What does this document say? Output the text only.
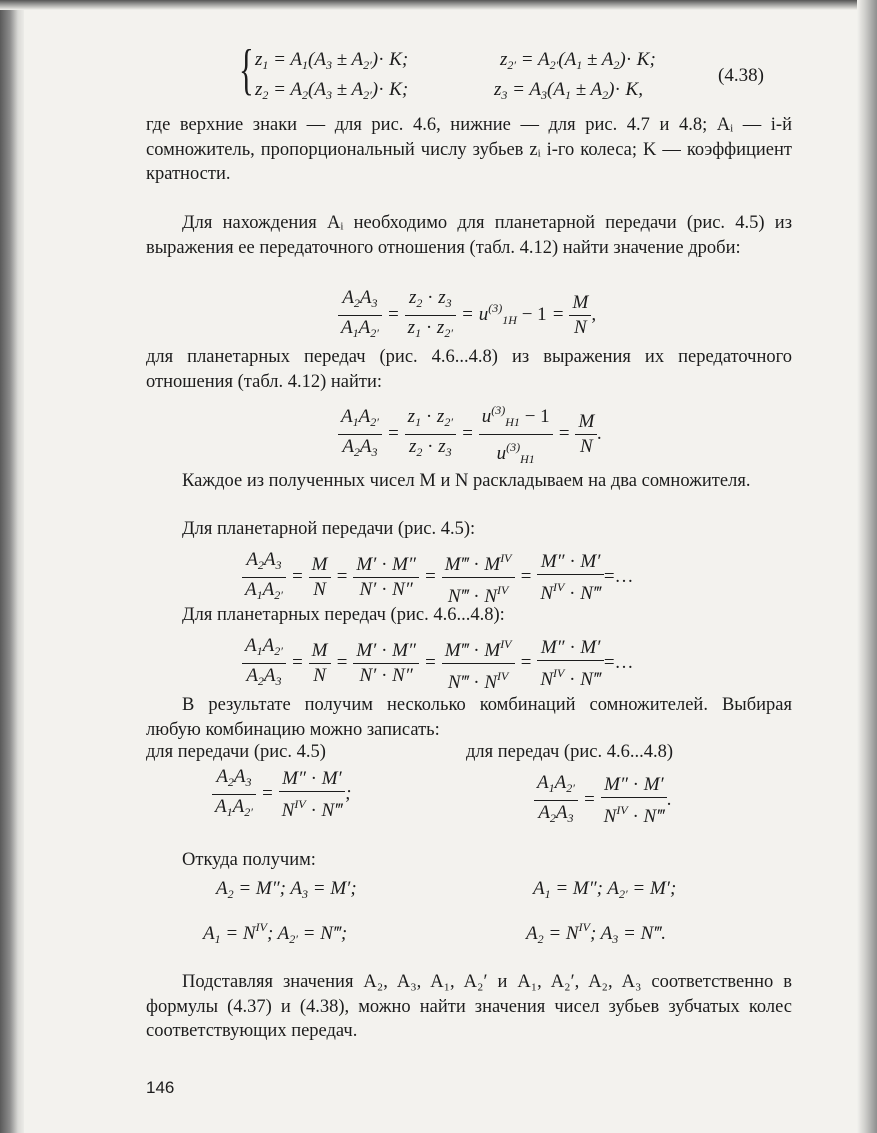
{ $z_1 = A_1(A_3 \pm A_{2'})\cdot K$;
$z_2 = A_2(A_3 \pm A_{2'})\cdot K$;
$z_{2'} = A_{2'}(A_1 \pm A_2)\cdot K$;
$z_3 = A_3(A_1 \pm A_2)\cdot K$,
(4.38)
где верхние знаки — для рис. 4.6, нижние — для рис. 4.7 и 4.8; Aᵢ — i-й сомножитель, пропорциональный числу зубьев zᵢ i-го колеса; K — коэффициент кратности.
Для нахождения Aᵢ необходимо для планетарной передачи (рис. 4.5) из выражения ее передаточного отношения (табл. 4.12) найти значение дроби:
$\frac{A_2A_3}{A_1A_{2'}} = \frac{z_2 \cdot z_3}{z_1 \cdot z_{2'}} = u^{(3)}_{1H} - 1 = \frac{M}{N}$ ,
для планетарных передач (рис. 4.6...4.8) из выражения их передаточного отношения (табл. 4.12) найти:
$\frac{A_1A_{2'}}{A_2A_3} = \frac{z_1 \cdot z_{2'}}{z_2 \cdot z_3} = \frac{u^{(3)}_{H1} - 1}{u^{(3)}_{H1}} = \frac{M}{N}$ .
Каждое из полученных чисел M и N раскладываем на два сомножителя.
Для планетарной передачи (рис. 4.5):
$\frac{A_2A_3}{A_1A_{2'}} = \frac{M}{N} = \frac{M' \cdot M''}{N' \cdot N''} = \frac{M‴ \cdot M^{IV}}{N‴ \cdot N^{IV}} = \frac{M'' \cdot M'}{N^{IV} \cdot N‴}$ =…
Для планетарных передач (рис. 4.6...4.8):
$\frac{A_1A_{2'}}{A_2A_3} = \frac{M}{N} = \frac{M' \cdot M''}{N' \cdot N''} = \frac{M‴ \cdot M^{IV}}{N‴ \cdot N^{IV}} = \frac{M'' \cdot M'}{N^{IV} \cdot N‴}$ =…
В результате получим несколько комбинаций сомножителей. Выбирая любую комбинацию можно записать:
для передачи (рис. 4.5)	для передач (рис. 4.6...4.8)
$\frac{A_2A_3}{A_1A_{2'}} = \frac{M'' \cdot M'}{N^{IV} \cdot N‴}$ ;	$\frac{A_1A_{2'}}{A_2A_3} = \frac{M'' \cdot M'}{N^{IV} \cdot N‴}$ .
Откуда получим:
$A_2 = M''$; $A_3 = M'$;
$A_1 = N^{IV}$; $A_{2'}$ = N‴;
$A_1 = M''$; $A_{2'} = M'$;
$A_2 = N^{IV}$; $A_3$ = N‴.
Подставляя значения A₂, A₃, A₁, A₂′ и A₁, A₂′, A₂, A₃ соответственно в формулы (4.37) и (4.38), можно найти значения чисел зубьев зубчатых колес соответствующих передач.
146
